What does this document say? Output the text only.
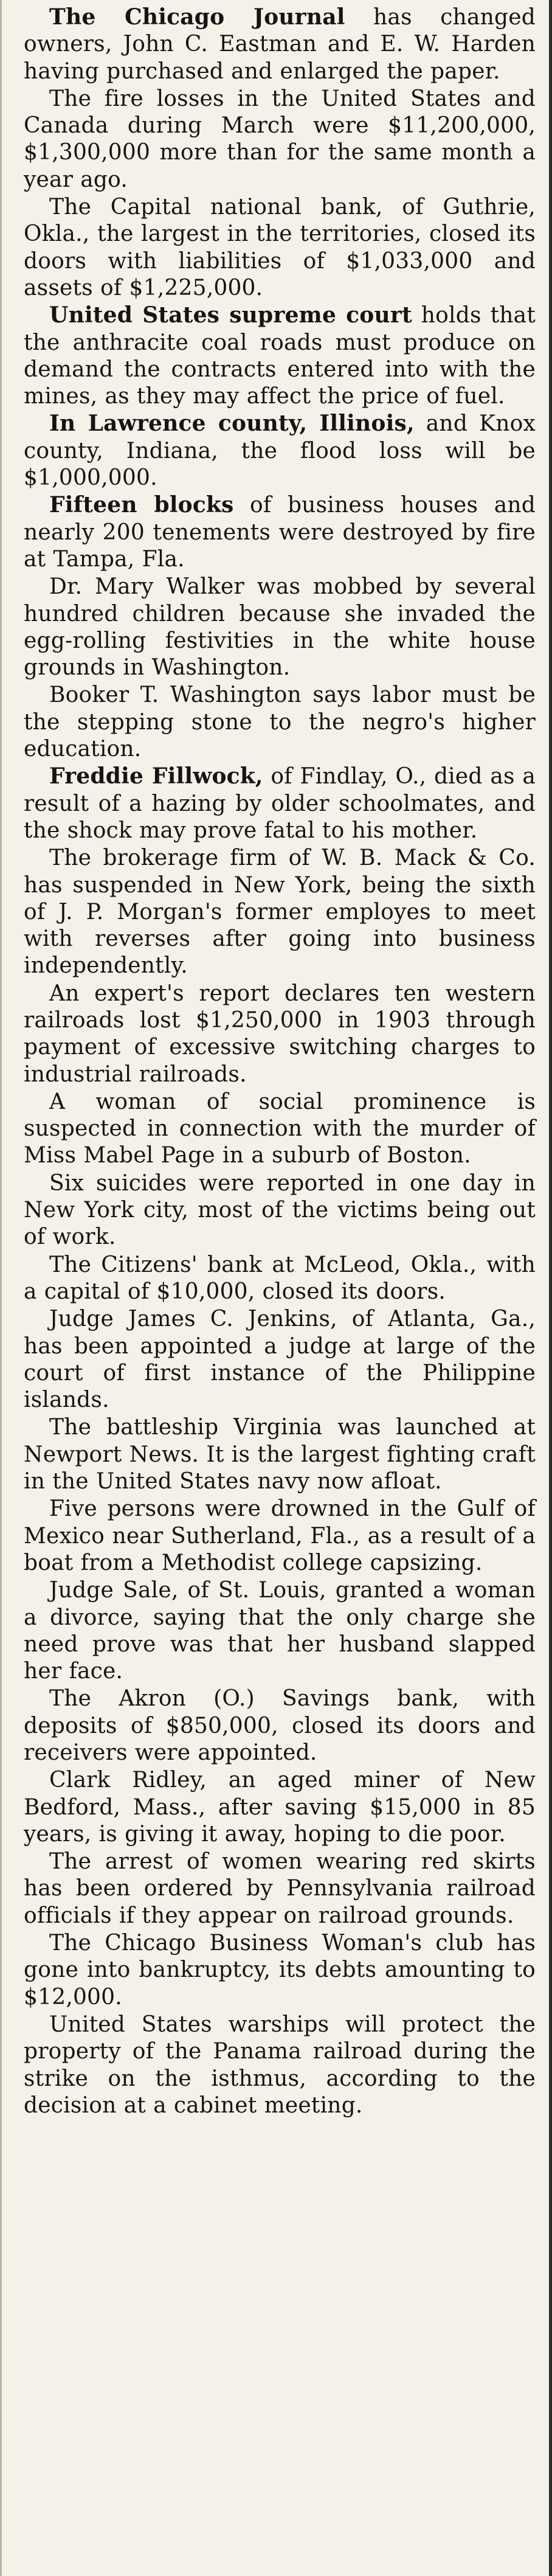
The Chicago Journal has changed owners, John C. Eastman and E. W. Harden having purchased and enlarged the paper.

The fire losses in the United States and Canada during March were $11,200,000, $1,300,000 more than for the same month a year ago.

The Capital national bank, of Guthrie, Okla., the largest in the territories, closed its doors with liabilities of $1,033,000 and assets of $1,225,000.

United States supreme court holds that the anthracite coal roads must produce on demand the contracts entered into with the mines, as they may affect the price of fuel.

In Lawrence county, Illinois, and Knox county, Indiana, the flood loss will be $1,000,000.

Fifteen blocks of business houses and nearly 200 tenements were destroyed by fire at Tampa, Fla.

Dr. Mary Walker was mobbed by several hundred children because she invaded the egg-rolling festivities in the white house grounds in Washington.

Booker T. Washington says labor must be the stepping stone to the negro's higher education.

Freddie Fillwock, of Findlay, O., died as a result of a hazing by older schoolmates, and the shock may prove fatal to his mother.

The brokerage firm of W. B. Mack & Co. has suspended in New York, being the sixth of J. P. Morgan's former employes to meet with reverses after going into business independently.

An expert's report declares ten western railroads lost $1,250,000 in 1903 through payment of excessive switching charges to industrial railroads.

A woman of social prominence is suspected in connection with the murder of Miss Mabel Page in a suburb of Boston.

Six suicides were reported in one day in New York city, most of the victims being out of work.

The Citizens' bank at McLeod, Okla., with a capital of $10,000, closed its doors.

Judge James C. Jenkins, of Atlanta, Ga., has been appointed a judge at large of the court of first instance of the Philippine islands.

The battleship Virginia was launched at Newport News. It is the largest fighting craft in the United States navy now afloat.

Five persons were drowned in the Gulf of Mexico near Sutherland, Fla., as a result of a boat from a Methodist college capsizing.

Judge Sale, of St. Louis, granted a woman a divorce, saying that the only charge she need prove was that her husband slapped her face.

The Akron (O.) Savings bank, with deposits of $850,000, closed its doors and receivers were appointed.

Clark Ridley, an aged miner of New Bedford, Mass., after saving $15,000 in 85 years, is giving it away, hoping to die poor.

The arrest of women wearing red skirts has been ordered by Pennsylvania railroad officials if they appear on railroad grounds.

The Chicago Business Woman's club has gone into bankruptcy, its debts amounting to $12,000.

United States warships will protect the property of the Panama railroad during the strike on the isthmus, according to the decision at a cabinet meeting.
